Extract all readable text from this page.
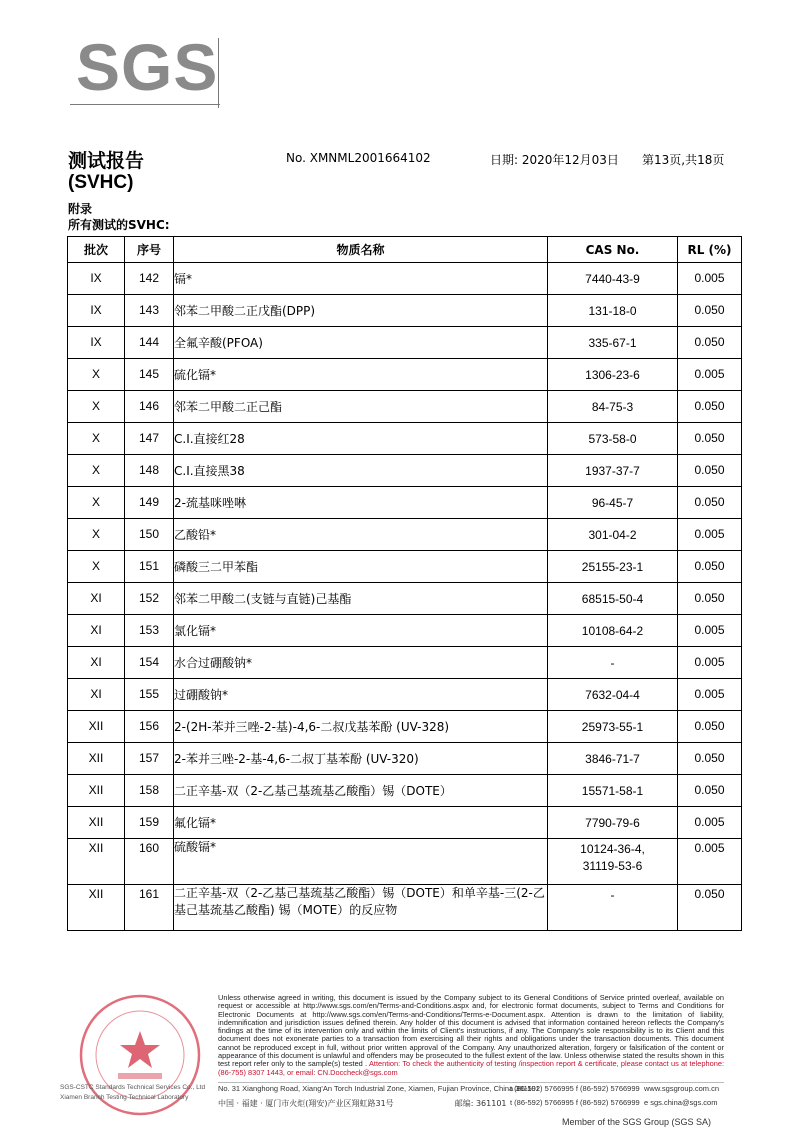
SGS
测试报告
(SVHC)
No. XMNML2001664102	日期: 2020年12月03日 第13页,共18页
附录
所有测试的SVHC:
批次	序号	物质名称	CAS No.	RL (%)
IX	142	镉*	7440-43-9	0.005
IX	143	邻苯二甲酸二正戊酯(DPP)	131-18-0	0.050
IX	144	全氟辛酸(PFOA)	335-67-1	0.050
X	145	硫化镉*	1306-23-6	0.005
X	146	邻苯二甲酸二正己酯	84-75-3	0.050
X	147	C.I.直接红28	573-58-0	0.050
X	148	C.I.直接黑38	1937-37-7	0.050
X	149	2-巯基咪唑啉	96-45-7	0.050
X	150	乙酸铅*	301-04-2	0.005
X	151	磷酸三二甲苯酯	25155-23-1	0.050
XI	152	邻苯二甲酸二(支链与直链)己基酯	68515-50-4	0.050
XI	153	氯化镉*	10108-64-2	0.005
XI	154	水合过硼酸钠*	-	0.005
XI	155	过硼酸钠*	7632-04-4	0.005
XII	156	2-(2H-苯并三唑-2-基)-4,6-二叔戊基苯酚 (UV-328)	25973-55-1	0.050
XII	157	2-苯并三唑-2-基-4,6-二叔丁基苯酚 (UV-320)	3846-71-7	0.050
XII	158	二正辛基-双（2-乙基己基巯基乙酸酯）锡（DOTE）	15571-58-1	0.050
XII	159	氟化镉*	7790-79-6	0.005
XII	160	硫酸镉*	10124-36-4,
31119-53-6	0.005
XII	161	二正辛基-双（2-乙基己基巯基乙酸酯）锡（DOTE）和单辛基-三(2-乙基己基巯基乙酸酯) 锡（MOTE）的反应物	-	0.050
Unless otherwise agreed in writing, this document is issued by the Company subject to its General Conditions of Service printed overleaf, available on request or accessible at http://www.sgs.com/en/Terms-and-Conditions.aspx and, for electronic format documents, subject to Terms and Conditions for Electronic Documents at http://www.sgs.com/en/Terms-and-Conditions/Terms-e-Document.aspx. Attention is drawn to the limitation of liability, indemnification and jurisdiction issues defined therein. Any holder of this document is advised that information contained hereon reflects the Company's findings at the time of its intervention only and within the limits of Client's instructions, if any. The Company's sole responsibility is to its Client and this document does not exonerate parties to a transaction from exercising all their rights and obligations under the transaction documents. This document cannot be reproduced except in full, without prior written approval of the Company. Any unauthorized alteration, forgery or falsification of the content or appearance of this document is unlawful and offenders may be prosecuted to the fullest extent of the law. Unless otherwise stated the results shown in this test report refer only to the sample(s) tested . Attention: To check the authenticity of testing /inspection report & certificate, please contact us at telephone: (86-755) 8307 1443, or email: CN.Doccheck@sgs.com
SGS-CSTC Standards Technical Services Co., Ltd
Xiamen Branch Testing Technical Laboratory
No. 31 Xianghong Road, Xiang'An Torch Industrial Zone, Xiamen, Fujian Province, China 361101
中国 · 福建 · 厦门市火炬(翔安)产业区翔虹路31号	邮编: 361101
t (86-592) 5766995 f (86-592) 5766999
t (86-592) 5766995 f (86-592) 5766999
www.sgsgroup.com.cn
e sgs.china@sgs.com
Member of the SGS Group (SGS SA)
